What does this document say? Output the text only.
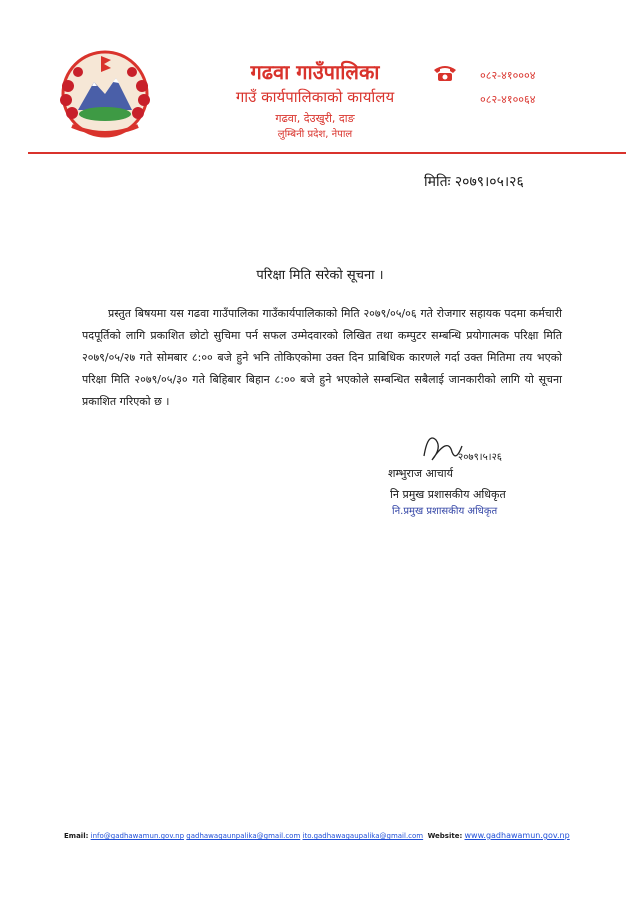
गढवा गाउँपालिका
गाउँ कार्यपालिकाको कार्यालय
गढवा, देउखुरी, दाङ
लुम्बिनी प्रदेश, नेपाल
०८२-४१०००४
०८२-४१००६४
मितिः २०७९।०५।२६
परिक्षा मिति सरेको सूचना ।

प्रस्तुत बिषयमा यस गढवा गाउँपालिका गाउँकार्यपालिकाको मिति २०७९/०५/०६ गते रोजगार सहायक पदमा कर्मचारी पदपूर्तिको लागि प्रकाशित छोटो सुचिमा पर्न सफल उम्मेदवारको लिखित तथा कम्पुटर सम्बन्धि प्रयोगात्मक परिक्षा मिति २०७९/०५/२७ गते सोमबार ८:०० बजे हुने भनि तोकिएकोमा उक्त दिन प्राबिधिक कारणले गर्दा उक्त मितिमा तय भएको परिक्षा मिति २०७९/०५/३० गते बिहिबार बिहान ८:०० बजे हुने भएकोले सम्बन्धित सबैलाई जानकारीको लागि यो सूचना प्रकाशित गरिएको छ ।

२०७९।५।२६
शम्भुराज आचार्य
नि प्रमुख प्रशासकीय अधिकृत
नि.प्रमुख प्रशासकीय अधिकृत
Email: info@gadhawamun.gov.np gadhawagaunpalika@gmail.com ito.gadhawagaupalika@gmail.com Website: www.gadhawamun.gov.np
